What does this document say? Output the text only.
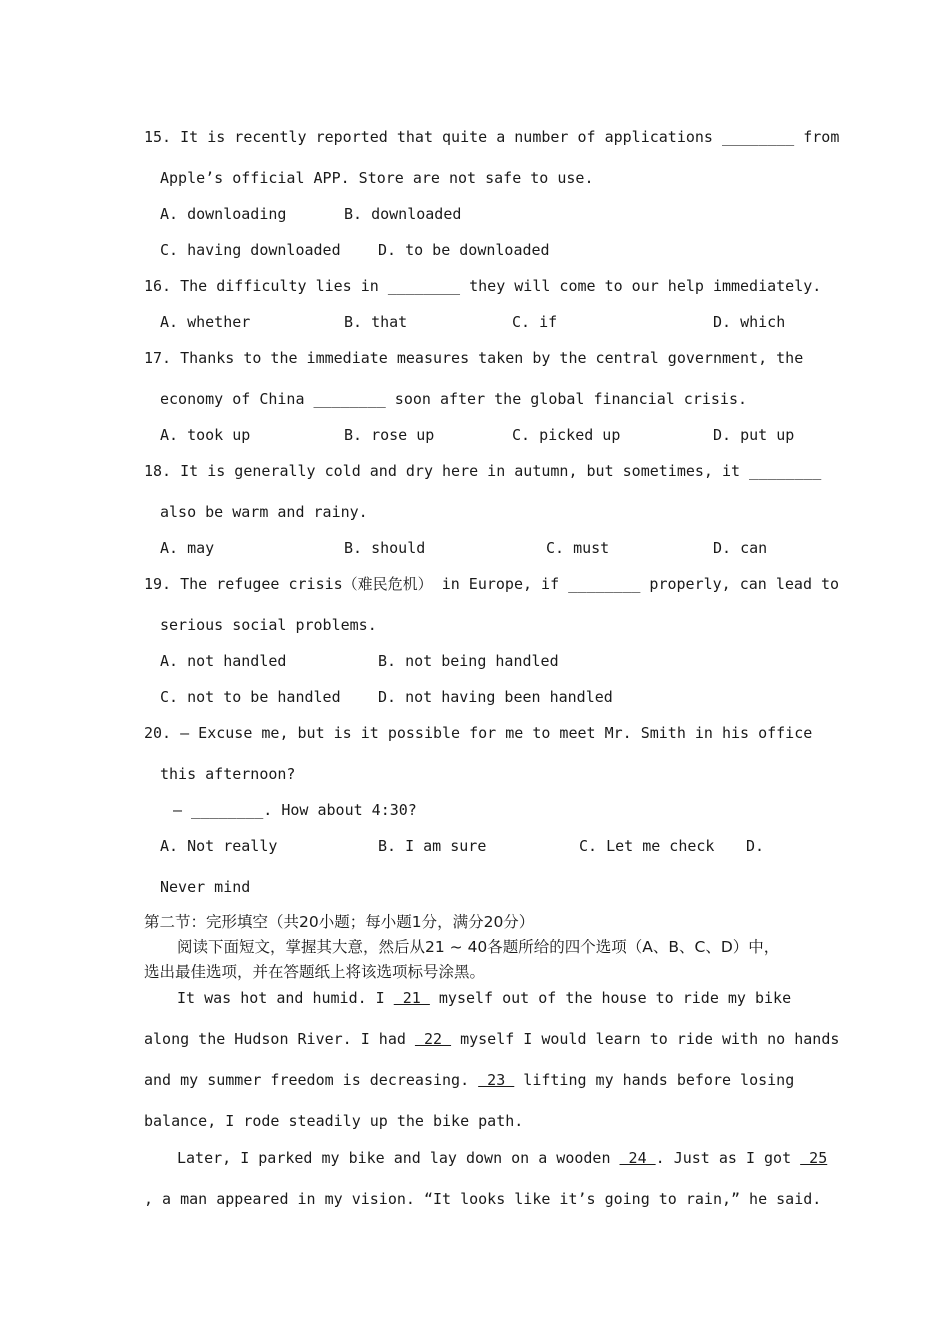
15. It is recently reported that quite a number of applications ________ from
Apple’s official APP. Store are not safe to use.
A. downloading	B. downloaded
C. having downloaded D. to be downloaded
16. The difficulty lies in ________ they will come to our help immediately.
A. whether	B. that	C. if	D. which
17. Thanks to the immediate measures taken by the central government, the
economy of China ________ soon after the global financial crisis.
A. took up	B. rose up	C. picked up	D. put up
18. It is generally cold and dry here in autumn, but sometimes, it ________
also be warm and rainy.
A. may	B. should	C. must	D. can
19. The refugee crisis（难民危机） in Europe, if ________ properly, can lead to
serious social problems.
A. not handled	B. not being handled
C. not to be handled D. not having been handled
20. – Excuse me, but is it possible for me to meet Mr. Smith in his office
this afternoon?
– ________. How about 4:30?
A. Not really	B. I am sure	C. Let me check D.
Never mind
第二节：完形填空（共20小题；每小题1分，满分20分）
阅读下面短文，掌握其大意，然后从21 ~ 40各题所给的四个选项（A、B、C、D）中，
选出最佳选项，并在答题纸上将该选项标号涂黑。
It was hot and humid. I  21  myself out of the house to ride my bike
along the Hudson River. I had  22  myself I would learn to ride with no hands
and my summer freedom is decreasing.  23  lifting my hands before losing
balance, I rode steadily up the bike path.
Later, I parked my bike and lay down on a wooden  24 . Just as I got  25
, a man appeared in my vision. “It looks like it’s going to rain,” he said.
